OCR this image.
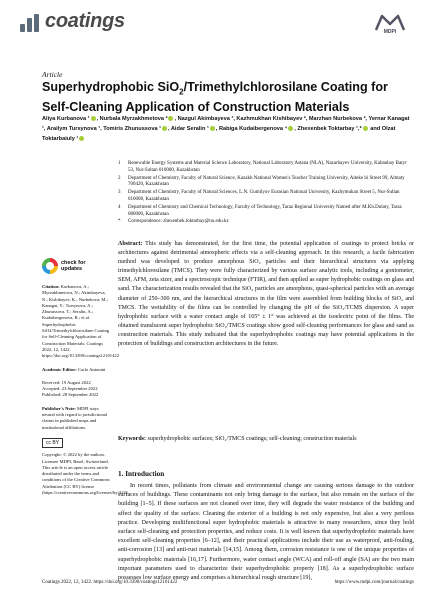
coatings	MDPI
Article
Superhydrophobic SiO$_2$/Trimethylchlorosilane Coating for Self-Cleaning Application of Construction Materials
Aliya Kurbanova ¹ , Nurbala Myrzakhmetova ² , Nazgul Akimbayeva ³, Kazhmukhan Kishibayev ², Marzhan Nurbekova ², Yernar Kanagat ¹, Arailym Tursynova ¹, Tomiris Zhunussova ¹ , Aidar Seralin ¹ , Rabiga Kudaibergenova ⁴ , Zhexenbek Toktarbay ¹,* and Olzat Toktarbaiuly ¹
1	Renewable Energy Systems and Material Science Laboratory, National Laboratory Astana (NLA), Nazarbayev University, Kabanbay Batyr 53, Nur-Sultan 010000, Kazakhstan
2	Department of Chemistry, Faculty of Natural Science, Kazakh National Women's Teacher Training University, Aiteke bi Street 99, Almaty 700420, Kazakhstan
3	Department of Chemistry, Faculty of Natural Sciences, L.N. Gumilyov Eurasian National University, Kazhymukan Street 5, Nur-Sultan 010008, Kazakhstan
4	Department of Chemistry and Chemical Technology, Faculty of Technology, Taraz Regional University Named after M.Kh.Dulaty, Taraz 080000, Kazakhstan
*	Correspondence: zhexenbek.toktarbay@nu.edu.kz
check for
updates
Citation: Kurbanova, A.; Myrzakhmetova, N.; Akimbayeva, N.; Kishibayev, K.; Nurbekova, M.; Kanagat, Y.; Tursynova, A.; Zhunussova, T.; Seralin, A.; Kudaibergenova, R.; et al. Superhydrophobic SiO2/Trimethylchlorosilane Coating for Self-Cleaning Application of Construction Materials. Coatings 2022, 12, 1422. https://doi.org/10.3390/coatings12101422
Academic Editor: Carlo Antonini
Received: 19 August 2022
Accepted: 23 September 2022
Published: 28 September 2022
Publisher's Note: MDPI stays neutral with regard to jurisdictional claims in published maps and institutional affiliations.
cc BY
Copyright: © 2022 by the authors. Licensee MDPI, Basel, Switzerland. This article is an open access article distributed under the terms and conditions of the Creative Commons Attribution (CC BY) license (https://creativecommons.org/licenses/by/4.0/).
Abstract: This study has demonstrated, for the first time, the potential application of coatings to protect bricks or architectures against detrimental atmospheric effects via a self-cleaning approach. In this research, a facile fabrication method was developed to produce amorphous SiO₂ particles and their hierarchical structures via applying trimethylchlorosilane (TMCS). They were fully characterized by various surface analytic tools, including a goniometer, SEM, AFM, zeta sizer, and a spectroscopic technique (FTIR), and then applied as super hydrophobic coatings on glass and sand. The characterization results revealed that the SiO₂ particles are amorphous, quasi-spherical particles with an average diameter of 250–300 nm, and the hierarchical structures in the film were assembled from building blocks of SiO₂ and TMCS. The wettability of the films can be controlled by changing the pH of the SiO₂/TCMS dispersion. A super hydrophobic surface with a water contact angle of 165° ± 1° was achieved at the isoelectric point of the films. The obtained translucent super hydrophobic SiO₂/TMCS coatings show good self-cleaning performances for glass and sand as construction materials. This study indicated that the superhydrophobic coatings may have potential applications in the protection of buildings and construction architectures in the future.
Keywords: superhydrophobic surfaces; SiO₂/TMCS coatings; self-cleaning; construction materials
1. Introduction

In recent times, pollutants from climate and environmental change are causing serious damage to the outdoor surfaces of buildings. These contaminants not only bring damage to the surface, but also remain on the surface of the building [1–5]. If these surfaces are not cleaned over time, they will degrade the water resistance of the building and affect the quality of the surface. Cleaning the exterior of a building is not only expensive, but also a very perilous practice. Developing multifunctional super hydrophobic materials is attractive to many researchers, since they hold surface self-cleaning and protection properties, and reduce costs. It is well known that superhydrophobic materials have excellent self-cleaning properties [6–12], and their practical applications include their use as waterproof, anti-fouling, anti-corrosion [13] and anti-rust materials [14,15]. Among them, corrosion resistance is one of the unique properties of superhydrophobic materials [16,17]. Furthermore, water contact angle (WCA) and roll-off angle (SA) are the two main important parameters used to characterize their superhydrophobic property [18]. As a superhydrophobic surface possesses low surface energy and comprises a hierarchical rough structure [19],

Coatings 2022, 12, 1422. https://doi.org/10.3390/coatings12101422	https://www.mdpi.com/journal/coatings
